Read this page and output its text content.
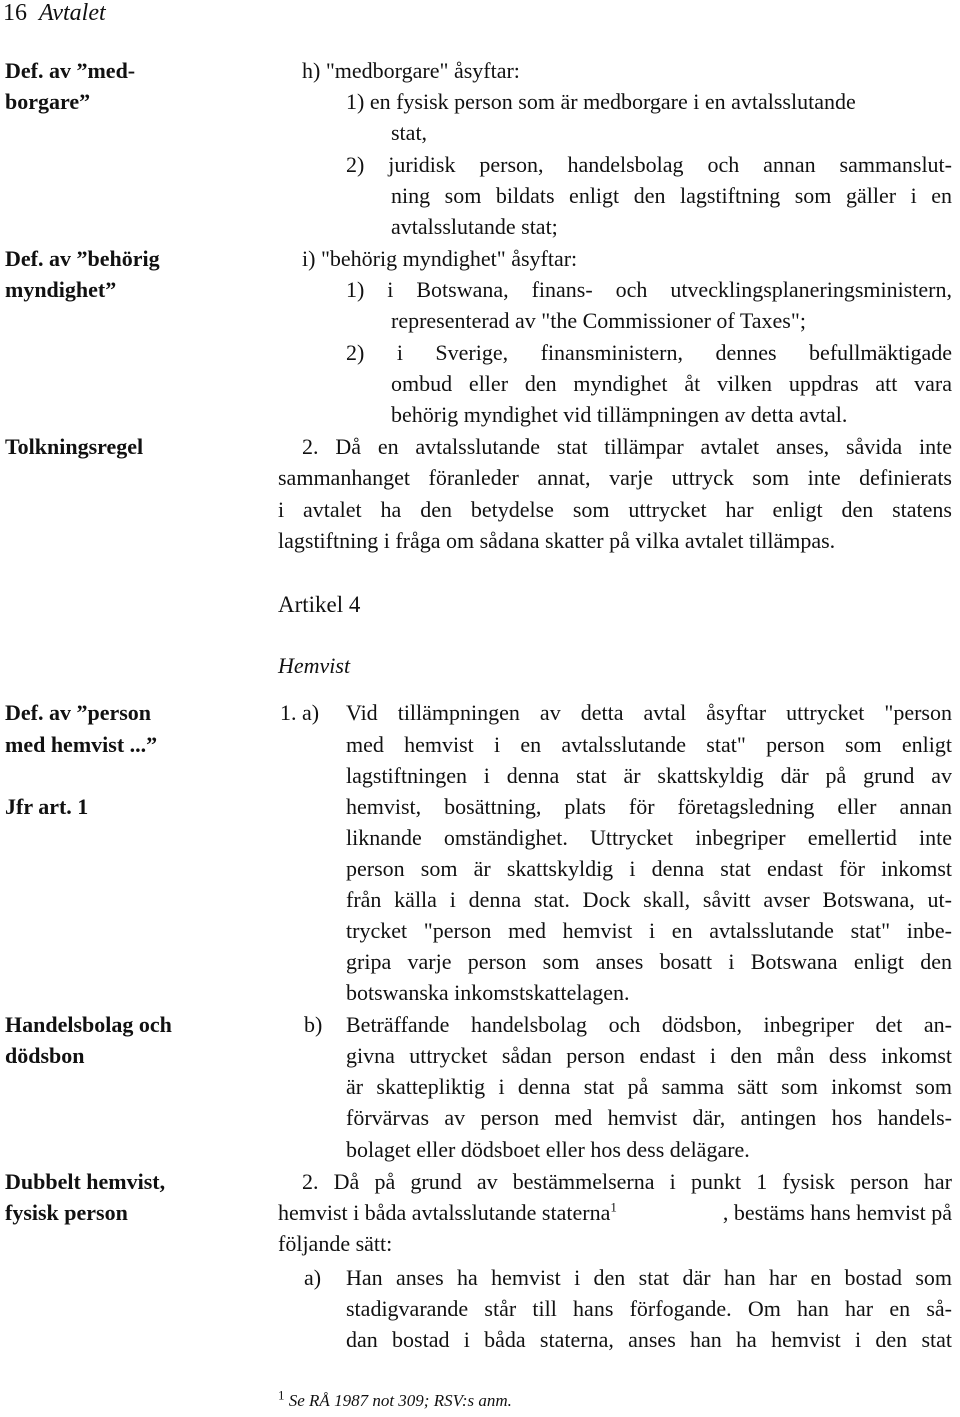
16 Avtalet
Def. av ”med-
borgare”
Def. av ”behörig
myndighet”
Tolkningsregel
Def. av ”person
med hemvist ...”
Jfr art. 1
Handelsbolag och
dödsbon
Dubbelt hemvist,
fysisk person
h) "medborgare" åsyftar:
1) en fysisk person som är medborgare i en avtalsslutande
stat,
2) juridisk person, handelsbolag och annan sammanslut-
ning som bildats enligt den lagstiftning som gäller i en
avtalsslutande stat;
i) "behörig myndighet" åsyftar:
1) i Botswana, finans- och utvecklingsplaneringsministern,
representerad av "the Commissioner of Taxes";
2) i Sverige, finansministern, dennes befullmäktigade
ombud eller den myndighet åt vilken uppdras att vara
behörig myndighet vid tillämpningen av detta avtal.
2. Då en avtalsslutande stat tillämpar avtalet anses, såvida inte
sammanhanget föranleder annat, varje uttryck som inte definierats
i avtalet ha den betydelse som uttrycket har enligt den statens
lagstiftning i fråga om sådana skatter på vilka avtalet tillämpas.
Artikel 4
Hemvist
1. a) Vid tillämpningen av detta avtal åsyftar uttrycket "person
med hemvist i en avtalsslutande stat" person som enligt
lagstiftningen i denna stat är skattskyldig där på grund av
hemvist, bosättning, plats för företagsledning eller annan
liknande omständighet. Uttrycket inbegriper emellertid inte
person som är skattskyldig i denna stat endast för inkomst
från källa i denna stat. Dock skall, såvitt avser Botswana, ut-
trycket "person med hemvist i en avtalsslutande stat" inbe-
gripa varje person som anses bosatt i Botswana enligt den
botswanska inkomstskattelagen.
b) Beträffande handelsbolag och dödsbon, inbegriper det an-
givna uttrycket sådan person endast i den mån dess inkomst
är skattepliktig i denna stat på samma sätt som inkomst som
förvärvas av person med hemvist där, antingen hos handels-
bolaget eller dödsboet eller hos dess delägare.
2. Då på grund av bestämmelserna i punkt 1 fysisk person har
hemvist i båda avtalsslutande staterna$^1$	, bestäms hans hemvist på
följande sätt:
a) Han anses ha hemvist i den stat där han har en bostad som
stadigvarande står till hans förfogande. Om han har en så-
dan bostad i båda staterna, anses han ha hemvist i den stat
$^1$ Se RÅ 1987 not 309; RSV:s anm.
